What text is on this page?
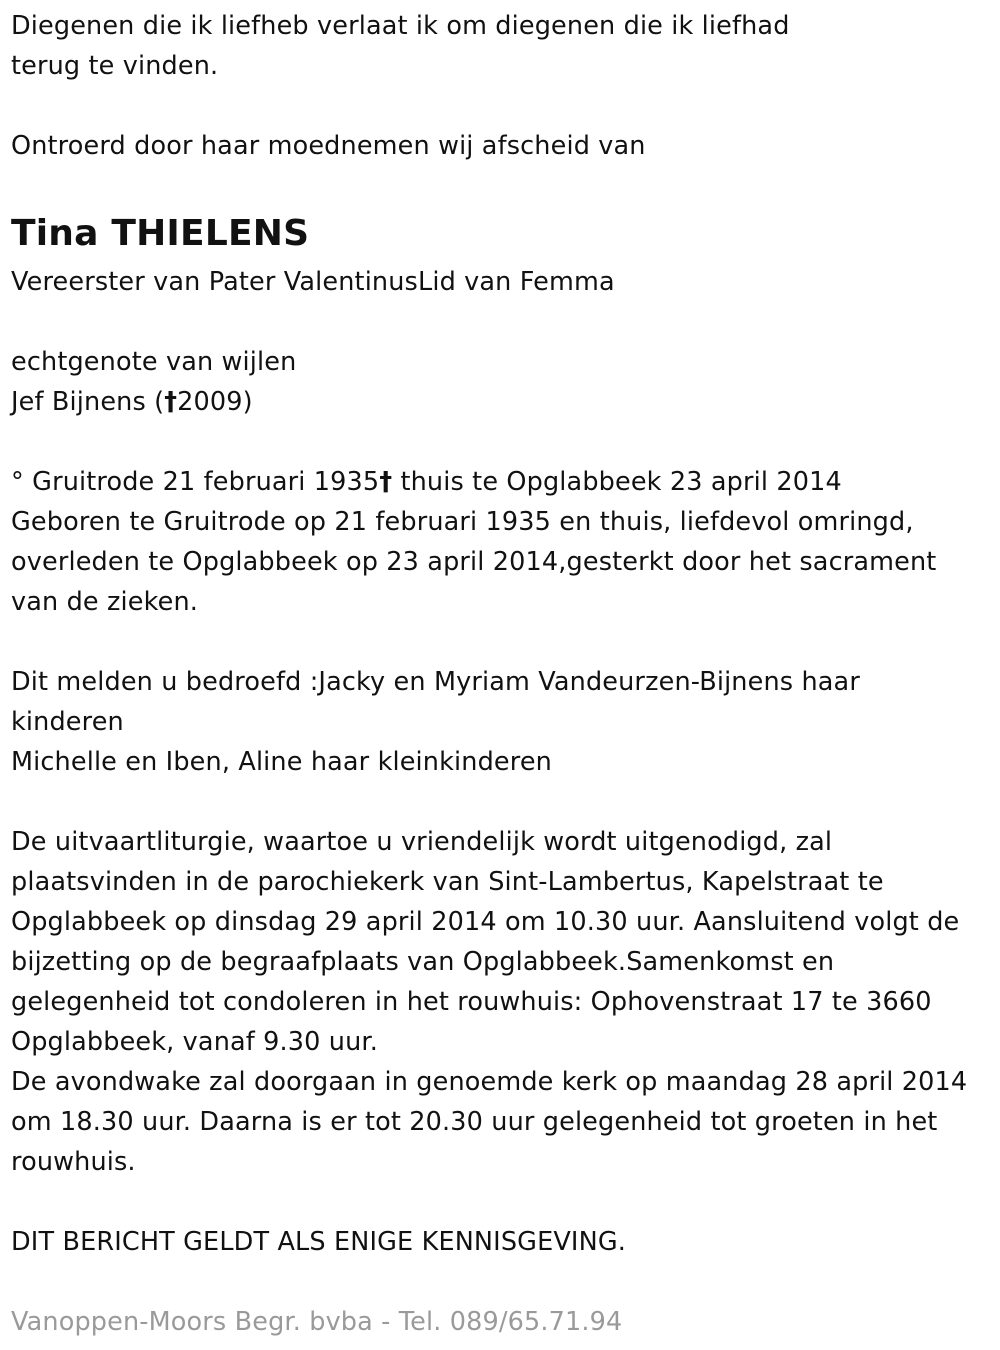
Diegenen die ik liefheb verlaat ik om diegenen die ik liefhad

terug te vinden.

Ontroerd door haar moednemen wij afscheid van

Tina THIELENS

Vereerster van Pater ValentinusLid van Femma

echtgenote van wijlen

Jef Bijnens (†2009)

° Gruitrode 21 februari 1935† thuis te Opglabbeek 23 april 2014

Geboren te Gruitrode op 21 februari 1935 en thuis, liefdevol omringd,

overleden te Opglabbeek op 23 april 2014,gesterkt door het sacrament

van de zieken.

Dit melden u bedroefd :Jacky en Myriam Vandeurzen-Bijnens haar

kinderen

Michelle en Iben, Aline haar kleinkinderen

De uitvaartliturgie, waartoe u vriendelijk wordt uitgenodigd, zal

plaatsvinden in de parochiekerk van Sint-Lambertus, Kapelstraat te

Opglabbeek op dinsdag 29 april 2014 om 10.30 uur. Aansluitend volgt de

bijzetting op de begraafplaats van Opglabbeek.Samenkomst en

gelegenheid tot condoleren in het rouwhuis: Ophovenstraat 17 te 3660

Opglabbeek, vanaf 9.30 uur.

De avondwake zal doorgaan in genoemde kerk op maandag 28 april 2014

om 18.30 uur. Daarna is er tot 20.30 uur gelegenheid tot groeten in het

rouwhuis.

DIT BERICHT GELDT ALS ENIGE KENNISGEVING.

Vanoppen-Moors Begr. bvba - Tel. 089/65.71.94
